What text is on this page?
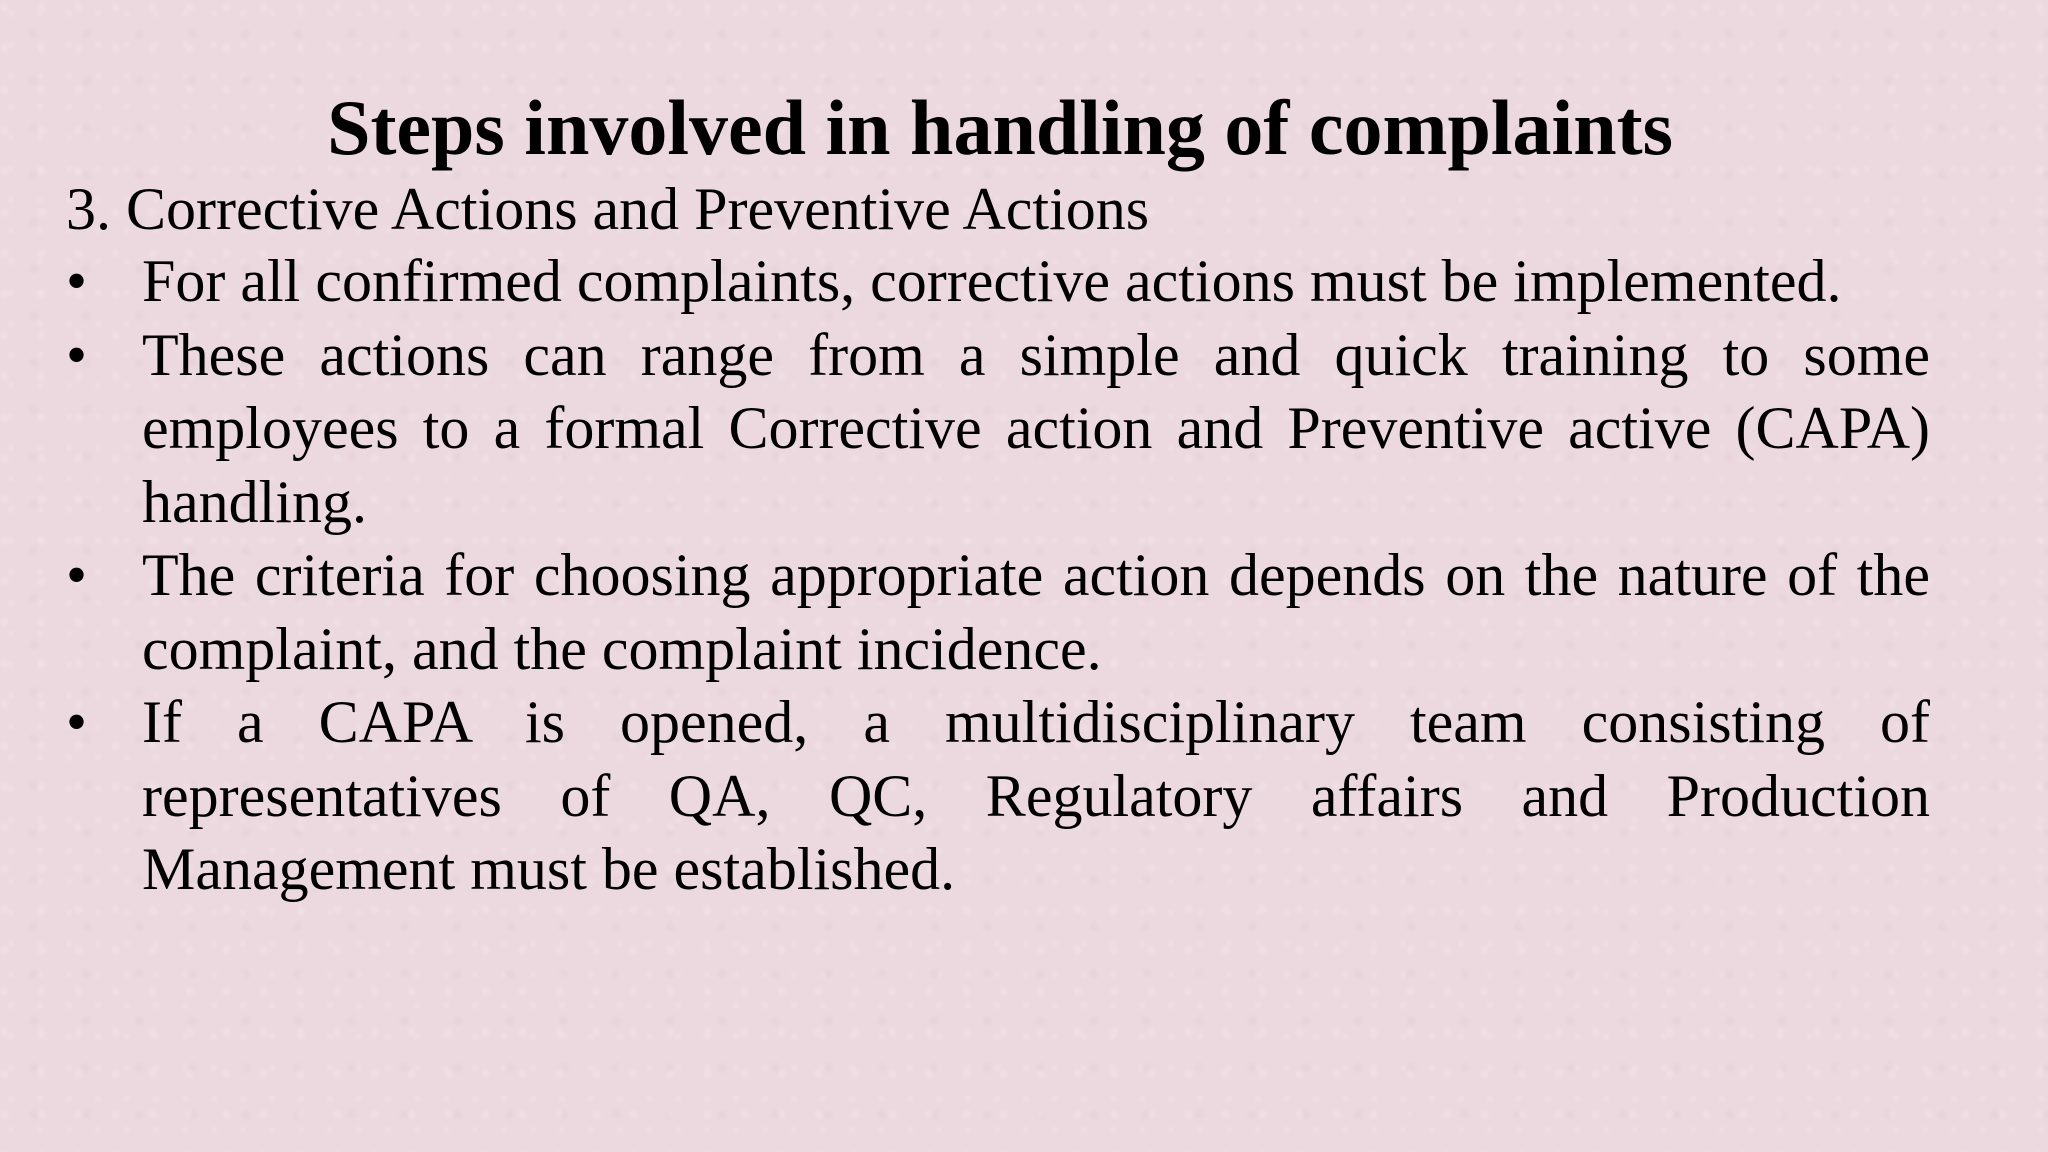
Steps involved in handling of complaints

3. Corrective Actions and Preventive Actions

• For all confirmed complaints, corrective actions must be implemented.
• These actions can range from a simple and quick training to some employees to a formal Corrective action and Preventive active (CAPA) handling.
• The criteria for choosing appropriate action depends on the nature of the complaint, and the complaint incidence.
• If a CAPA is opened, a multidisciplinary team consisting of representatives of QA, QC, Regulatory affairs and Production Management must be established.
